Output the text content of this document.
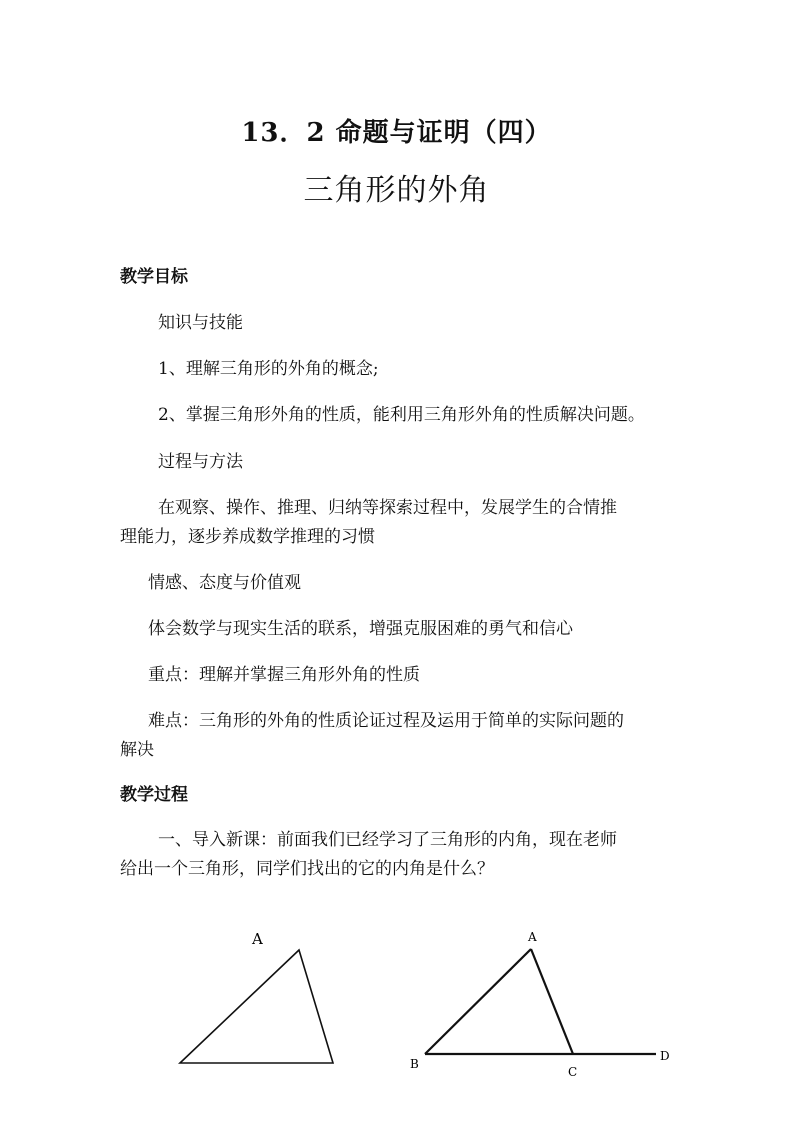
13．2 命题与证明（四）
三角形的外角
教学目标
知识与技能
1、理解三角形的外角的概念;
2、掌握三角形外角的性质，能利用三角形外角的性质解决问题。
过程与方法
在观察、操作、推理、归纳等探索过程中，发展学生的合情推
理能力，逐步养成数学推理的习惯
情感、态度与价值观
体会数学与现实生活的联系，增强克服困难的勇气和信心
重点：理解并掌握三角形外角的性质
难点：三角形的外角的性质论证过程及运用于简单的实际问题的
解决
教学过程
一、导入新课：前面我们已经学习了三角形的内角，现在老师
给出一个三角形，同学们找出的它的内角是什么？
A	A
B
C
D
